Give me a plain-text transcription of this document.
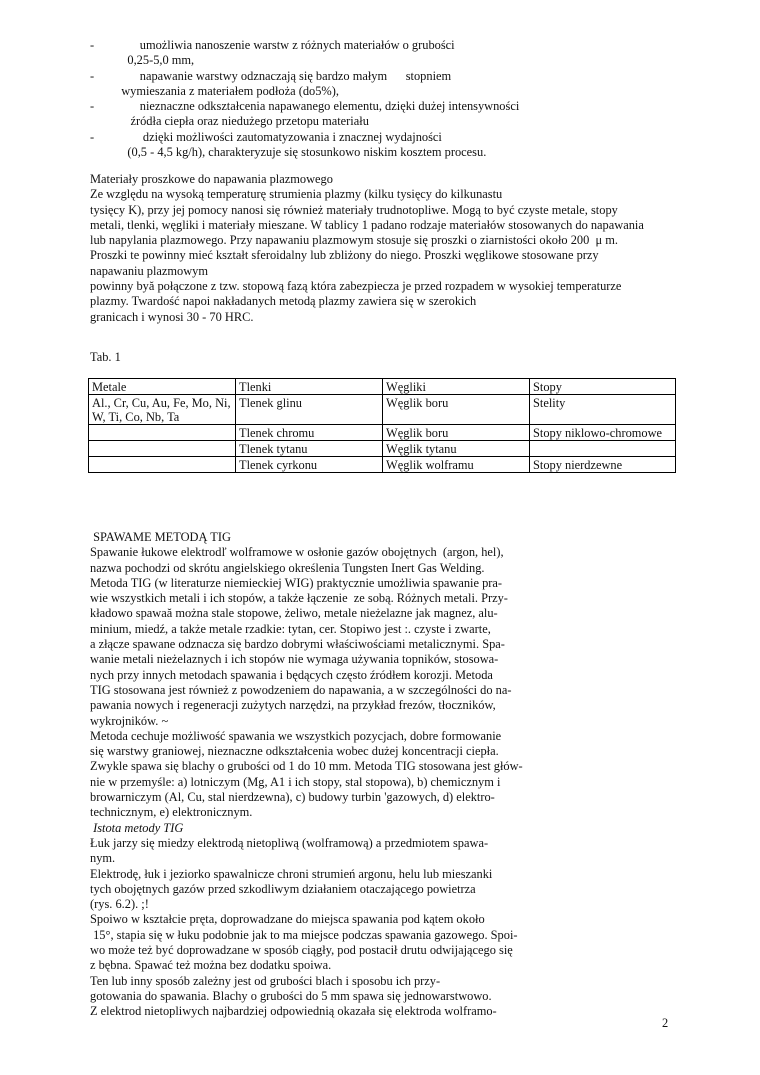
- umożliwia nanoszenie warstw z różnych materiałów o grubości
0,25-5,0 mm,
- napawanie warstwy odznaczają się bardzo małym      stopniem
wymieszania z materiałem podłoża (do5%),
- nieznaczne odkształcenia napawanego elementu, dzięki dużej intensywności
źródła ciepła oraz niedużego przetopu materiału
- dzięki możliwości zautomatyzowania i znacznej wydajności
(0,5 - 4,5 kg/h), charakteryzuje się stosunkowo niskim kosztem procesu.
Materiały proszkowe do napawania plazmowego
Ze względu na wysoką temperaturę strumienia plazmy (kilku tysięcy do kilkunastu
tysięcy K), przy jej pomocy nanosi się również materiały trudnotopliwe. Mogą to być czyste metale, stopy
metali, tlenki, węgliki i materiały mieszane. W tablicy 1 padano rodzaje materiałów stosowanych do napawania
lub napylania plazmowego. Przy napawaniu plazmowym stosuje się proszki o ziarnistości około 200  μ m.
Proszki te powinny mieć kształt sferoidalny lub zbliżony do niego. Proszki węglikowe stosowane przy
napawaniu plazmowym
powinny byă połączone z tzw. stopową fazą która zabezpiecza je przed rozpadem w wysokiej temperaturze
plazmy. Twardość napoi nakładanych metodą plazmy zawiera się w szerokich
granicach i wynosi 30 - 70 HRC.
Tab. 1
Metale	Tlenki	Węgliki	Stopy
Al., Cr, Cu, Au, Fe, Mo, Ni, W, Ti, Co, Nb, Ta	Tlenek glinu	Węglik boru	Stelity
	Tlenek chromu	Węglik boru	Stopy niklowo-chromowe
	Tlenek tytanu	Węglik tytanu	
	Tlenek cyrkonu	Węglik wolframu	Stopy nierdzewne
SPAWAME METODĄ TIG
Spawanie łukowe elektrodľ wolframowe w osłonie gazów obojętnych  (argon, hel),
nazwa pochodzi od skrótu angielskiego określenia Tungsten Inert Gas Welding.
Metoda TIG (w literaturze niemieckiej WIG) praktycznie umożliwia spawanie pra-
wie wszystkich metali i ich stopów, a także łączenie  ze sobą. Różnych metali. Przy-
kładowo spawaă można stale stopowe, żeliwo, metale nieżelazne jak magnez, alu-
minium, miedź, a także metale rzadkie: tytan, cer. Stopiwo jest :. czyste i zwarte,
a złącze spawane odznacza się bardzo dobrymi właściwościami metalicznymi. Spa-
wanie metali nieżelaznych i ich stopów nie wymaga używania topników, stosowa-
nych przy innych metodach spawania i będących często źródłem korozji. Metoda
TIG stosowana jest również z powodzeniem do napawania, a w szczególności do na-
pawania nowych i regeneracji zużytych narzędzi, na przykład frezów, tłoczników,
wykrojników. ~
Metoda cechuje możliwość spawania we wszystkich pozycjach, dobre formowanie
się warstwy graniowej, nieznaczne odkształcenia wobec dużej koncentracji ciepła.
Zwykle spawa się blachy o grubości od 1 do 10 mm. Metoda TIG stosowana jest głów-
nie w przemyśle: a) lotniczym (Mg, A1 i ich stopy, stal stopowa), b) chemicznym i
browarniczym (Al, Cu, stal nierdzewna), c) budowy turbin 'gazowych, d) elektro-
technicznym, e) elektronicznym.
Istota metody TIG
Łuk jarzy się miedzy elektrodą nietopliwą (wolframową) a przedmiotem spawa-
nym.
Elektrodę, łuk i jeziorko spawalnicze chroni strumień argonu, helu lub mieszanki
tych obojętnych gazów przed szkodliwym działaniem otaczającego powietrza
(rys. 6.2). ;!
Spoiwo w kształcie pręta, doprowadzane do miejsca spawania pod kątem około
15°, stapia się w łuku podobnie jak to ma miejsce podczas spawania gazowego. Spoi-
wo może też być doprowadzane w sposób ciągły, pod postacił drutu odwijającego się
z bębna. Spawać też można bez dodatku spoiwa.
Ten lub inny sposób zależny jest od grubości blach i sposobu ich przy-
gotowania do spawania. Blachy o grubości do 5 mm spawa się jednowarstwowo.
Z elektrod nietopliwych najbardziej odpowiednią okazała się elektroda wolframo-
2
